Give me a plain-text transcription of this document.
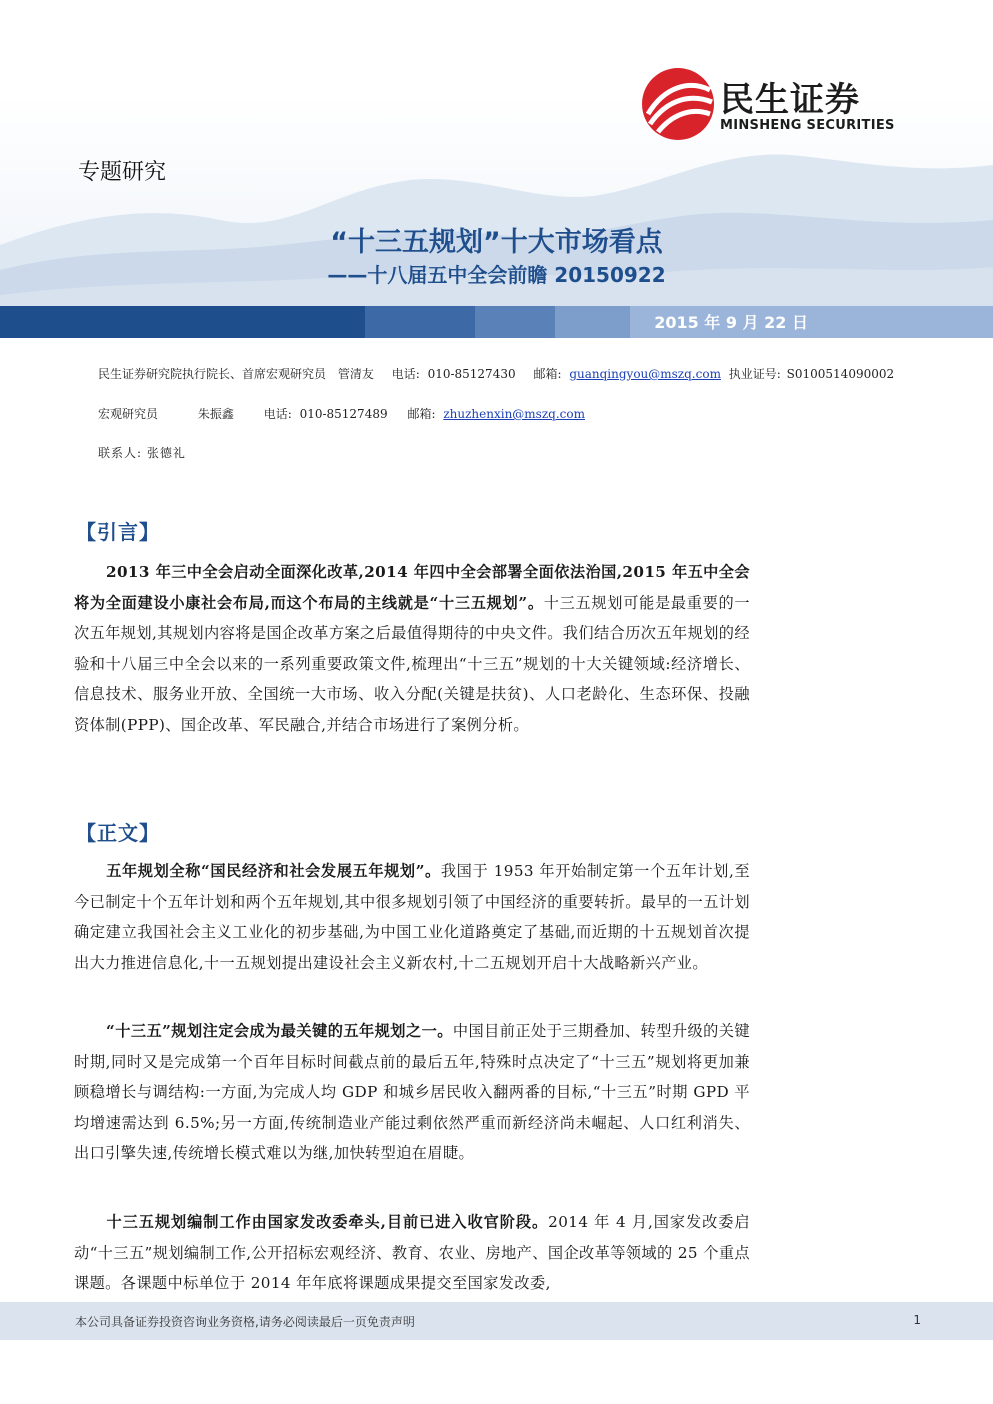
民生证券
MINSHENG SECURITIES
专题研究
“十三五规划”十大市场看点
——十八届五中全会前瞻 20150922
2015 年 9 月 22 日
民生证券研究院执行院长、首席宏观研究员 管清友 电话: 010-85127430 邮箱: guanqingyou@mszq.com 执业证号: S0100514090002
宏观研究员	朱振鑫 电话: 010-85127489 邮箱: zhuzhenxin@mszq.com
联系人: 张德礼
【引言】
2013 年三中全会启动全面深化改革,2014 年四中全会部署全面依法治国,2015 年五中全会将为全面建设小康社会布局,而这个布局的主线就是“十三五规划”。十三五规划可能是最重要的一次五年规划,其规划内容将是国企改革方案之后最值得期待的中央文件。我们结合历次五年规划的经验和十八届三中全会以来的一系列重要政策文件,梳理出“十三五”规划的十大关键领域:经济增长、信息技术、服务业开放、全国统一大市场、收入分配(关键是扶贫)、人口老龄化、生态环保、投融资体制(PPP)、国企改革、军民融合,并结合市场进行了案例分析。
【正文】
五年规划全称“国民经济和社会发展五年规划”。我国于 1953 年开始制定第一个五年计划,至今已制定十个五年计划和两个五年规划,其中很多规划引领了中国经济的重要转折。最早的一五计划确定建立我国社会主义工业化的初步基础,为中国工业化道路奠定了基础,而近期的十五规划首次提出大力推进信息化,十一五规划提出建设社会主义新农村,十二五规划开启十大战略新兴产业。
“十三五”规划注定会成为最关键的五年规划之一。中国目前正处于三期叠加、转型升级的关键时期,同时又是完成第一个百年目标时间截点前的最后五年,特殊时点决定了“十三五”规划将更加兼顾稳增长与调结构:一方面,为完成人均 GDP 和城乡居民收入翻两番的目标,“十三五”时期 GPD 平均增速需达到 6.5%;另一方面,传统制造业产能过剩依然严重而新经济尚未崛起、人口红利消失、出口引擎失速,传统增长模式难以为继,加快转型迫在眉睫。
十三五规划编制工作由国家发改委牵头,目前已进入收官阶段。2014 年 4 月,国家发改委启动“十三五”规划编制工作,公开招标宏观经济、教育、农业、房地产、国企改革等领域的 25 个重点课题。各课题中标单位于 2014 年年底将课题成果提交至国家发改委,
本公司具备证券投资咨询业务资格,请务必阅读最后一页免责声明	1
